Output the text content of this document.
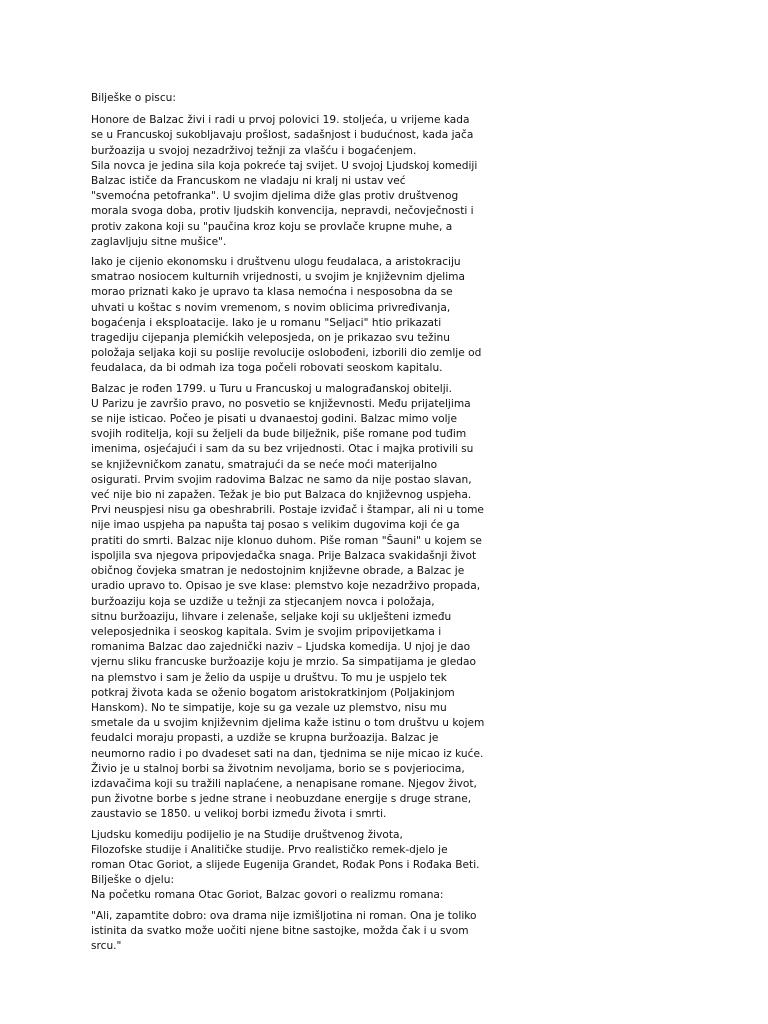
Bilješke o piscu:
Honore de Balzac živi i radi u prvoj polovici 19. stoljeća, u vrijeme kada
se u Francuskoj sukobljavaju prošlost, sadašnjost i budućnost, kada jača
buržoazija u svojoj nezadrživoj težnji za vlašću i bogaćenjem.
Sila novca je jedina sila koja pokreće taj svijet. U svojoj Ljudskoj komediji
Balzac ističe da Francuskom ne vladaju ni kralj ni ustav već
"svemoćna petofranka". U svojim djelima diže glas protiv društvenog
morala svoga doba, protiv ljudskih konvencija, nepravdi, nečovječnosti i
protiv zakona koji su "paučina kroz koju se provlače krupne muhe, a
zaglavljuju sitne mušice".
Iako je cijenio ekonomsku i društvenu ulogu feudalaca, a aristokraciju
smatrao nosiocem kulturnih vrijednosti, u svojim je književnim djelima
morao priznati kako je upravo ta klasa nemoćna i nesposobna da se
uhvati u koštac s novim vremenom, s novim oblicima privređivanja,
bogaćenja i eksploatacije. Iako je u romanu "Seljaci" htio prikazati
tragediju cijepanja plemićkih veleposjeda, on je prikazao svu težinu
položaja seljaka koji su poslije revolucije oslobođeni, izborili dio zemlje od
feudalaca, da bi odmah iza toga počeli robovati seoskom kapitalu.
Balzac je rođen 1799. u Turu u Francuskoj u malograđanskoj obitelji.
U Parizu je završio pravo, no posvetio se književnosti. Među prijateljima
se nije isticao. Počeo je pisati u dvanaestoj godini. Balzac mimo volje
svojih roditelja, koji su željeli da bude bilježnik, piše romane pod tuđim
imenima, osjećajući i sam da su bez vrijednosti. Otac i majka protivili su
se književničkom zanatu, smatrajući da se neće moći materijalno
osigurati. Prvim svojim radovima Balzac ne samo da nije postao slavan,
već nije bio ni zapažen. Težak je bio put Balzaca do književnog uspjeha.
Prvi neuspjesi nisu ga obeshrabrili. Postaje izviđač i štampar, ali ni u tome
nije imao uspjeha pa napušta taj posao s velikim dugovima koji će ga
pratiti do smrti. Balzac nije klonuo duhom. Piše roman "Šauni" u kojem se
ispoljila sva njegova pripovjedačka snaga. Prije Balzaca svakidašnji život
običnog čovjeka smatran je nedostojnim književne obrade, a Balzac je
uradio upravo to. Opisao je sve klase: plemstvo koje nezadrživo propada,
buržoaziju koja se uzdiže u težnji za stjecanjem novca i položaja,
sitnu buržoaziju, lihvare i zelenaše, seljake koji su uklješteni između
veleposjednika i seoskog kapitala. Svim je svojim pripovijetkama i
romanima Balzac dao zajednički naziv – Ljudska komedija. U njoj je dao
vjernu sliku francuske buržoazije koju je mrzio. Sa simpatijama je gledao
na plemstvo i sam je želio da uspije u društvu. To mu je uspjelo tek
potkraj života kada se oženio bogatom aristokratkinjom (Poljakinjom
Hanskom). No te simpatije, koje su ga vezale uz plemstvo, nisu mu
smetale da u svojim književnim djelima kaže istinu o tom društvu u kojem
feudalci moraju propasti, a uzdiže se krupna buržoazija. Balzac je
neumorno radio i po dvadeset sati na dan, tjednima se nije micao iz kuće.
Živio je u stalnoj borbi sa životnim nevoljama, borio se s povjeriocima,
izdavačima koji su tražili naplaćene, a nenapisane romane. Njegov život,
pun životne borbe s jedne strane i neobuzdane energije s druge strane,
zaustavio se 1850. u velikoj borbi između života i smrti.
Ljudsku komediju podijelio je na Studije društvenog života,
Filozofske studije i Analitičke studije. Prvo realističko remek-djelo je
roman Otac Goriot, a slijede Eugenija Grandet, Rođak Pons i Rođaka Beti.
Bilješke o djelu:
Na početku romana Otac Goriot, Balzac govori o realizmu romana:
"Ali, zapamtite dobro: ova drama nije izmišljotina ni roman. Ona je toliko
istinita da svatko može uočiti njene bitne sastojke, možda čak i u svom
srcu."
